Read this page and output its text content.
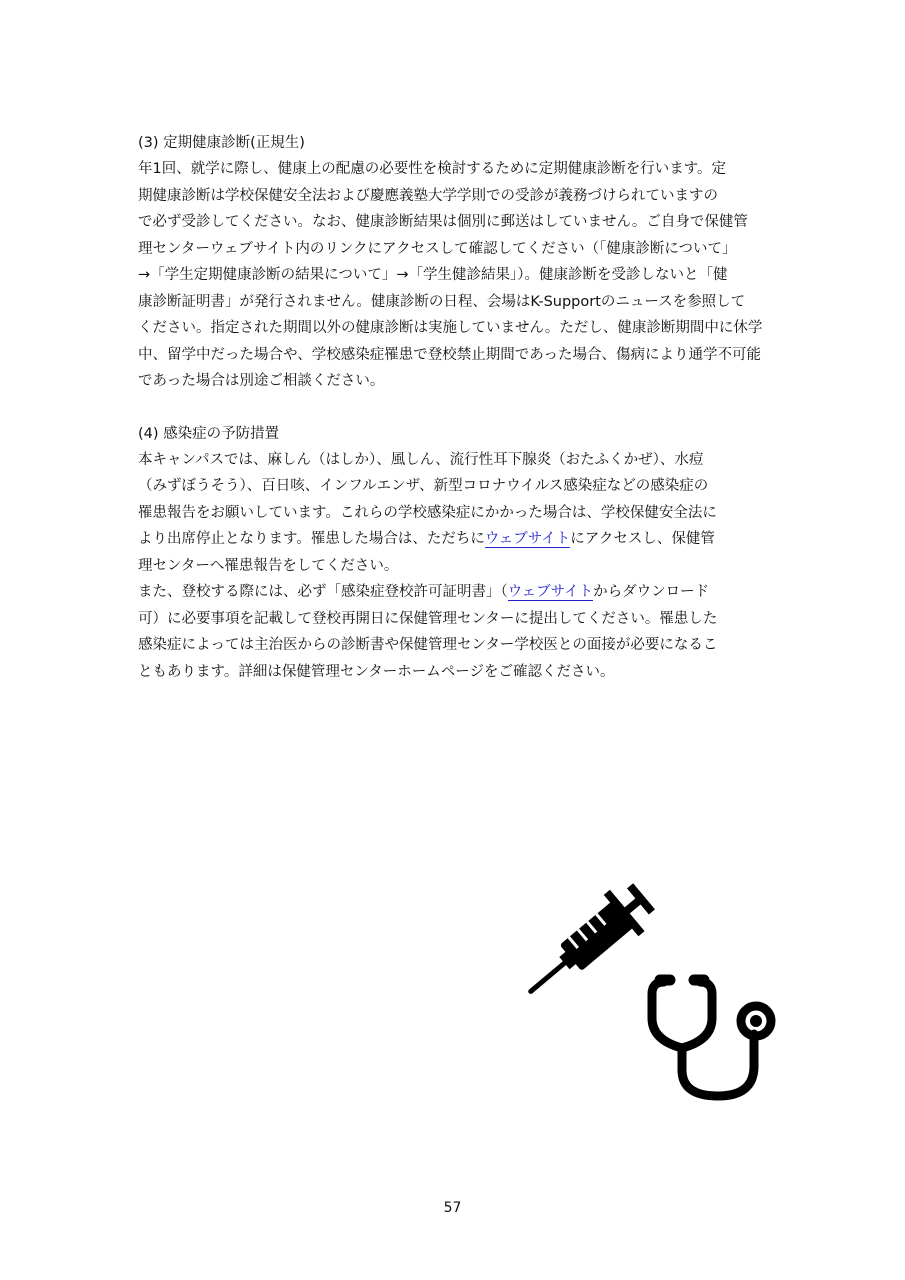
(3) 定期健康診断(正規生)

年1回、就学に際し、健康上の配慮の必要性を検討するために定期健康診断を行います。定
期健康診断は学校保健安全法および慶應義塾大学学則での受診が義務づけられていますの
で必ず受診してください。なお、健康診断結果は個別に郵送はしていません。ご自身で保健管
理センターウェブサイト内のリンクにアクセスして確認してください（「健康診断について」
→「学生定期健康診断の結果について」→「学生健診結果」）。健康診断を受診しないと「健
康診断証明書」が発行されません。健康診断の日程、会場はK-Supportのニュースを参照して
ください。指定された期間以外の健康診断は実施していません。ただし、健康診断期間中に休学
中、留学中だった場合や、学校感染症罹患で登校禁止期間であった場合、傷病により通学不可能
であった場合は別途ご相談ください。

(4) 感染症の予防措置

本キャンパスでは、麻しん（はしか）、風しん、流行性耳下腺炎（おたふくかぜ）、水痘
（みずぼうそう）、百日咳、インフルエンザ、新型コロナウイルス感染症などの感染症の
罹患報告をお願いしています。これらの学校感染症にかかった場合は、学校保健安全法に
より出席停止となります。罹患した場合は、ただちにウェブサイトにアクセスし、保健管
理センターへ罹患報告をしてください。

また、登校する際には、必ず「感染症登校許可証明書」（ウェブサイトからダウンロード
可）に必要事項を記載して登校再開日に保健管理センターに提出してください。罹患した
感染症によっては主治医からの診断書や保健管理センター学校医との面接が必要になるこ
ともあります。詳細は保健管理センターホームページをご確認ください。

57
